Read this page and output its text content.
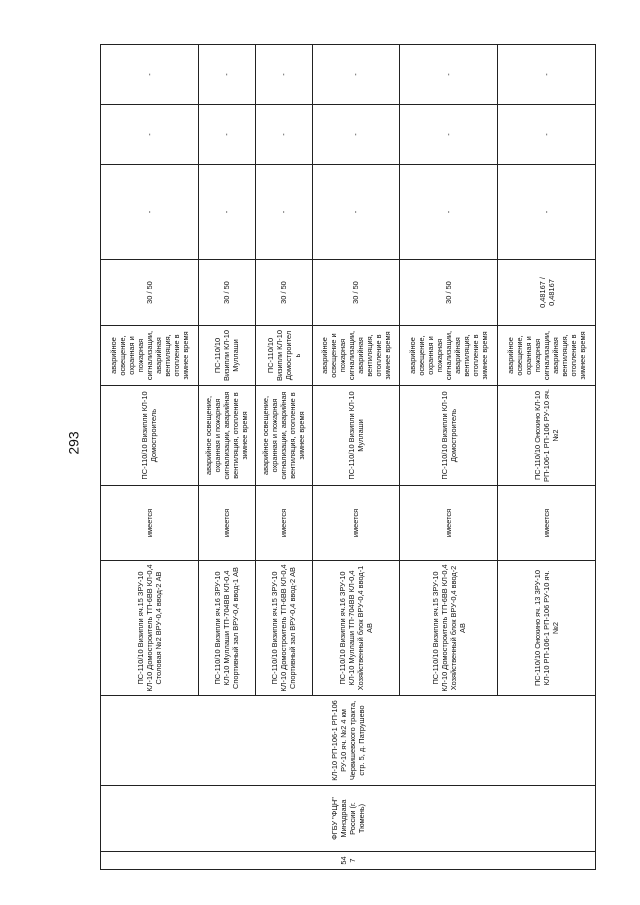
293
547	ФГБУ "ФЦН" Минздрава России (г. Тюмень)	КЛ-10 РП-106-1 РП-106 РУ-10 яч. №2 4 км Червишевского тракта, стр. 5, д. Патрушево	ПС-110/10 Визипли яч.15 ЗРУ-10 КЛ-10 Домостроитель ТП-6ВВ КЛ-0,4 Столовая №2 ВРУ-0,4 ввод-2 АВ	имеется	ПС-110/10 Визипли КЛ-10 Домостроитель	аварийное освещение, охранная и пожарная сигнализации, аварийная вентиляция, отопление в зимнее время	30 / 50	-	-	-
			ПС-110/10 Визипли яч.16 ЗРУ-10 КЛ-10 Муллаши ТП-704ВВ КЛ-0,4 Спортивный зал ВРУ-0,4 ввод-1 АВ	имеется	аварийное освещение, охранная и пожарная сигнализации, аварийная вентиляция, отопление в зимнее время	ПС-110/10 Визипли КЛ-10 Муллаши	30 / 50	-	-	-
			ПС-110/10 Визипли яч.15 ЗРУ-10 КЛ-10 Домостроитель ТП-6ВВ КЛ-0,4 Спортивный зал ВРУ-0,4 ввод-2 АВ	имеется	аварийное освещение, охранная и пожарная сигнализации, аварийная вентиляция, отопление в зимнее время	ПС-110/10 Визипли КЛ-10 Домостроитель	30 / 50	-	-	-
			ПС-110/10 Визипли яч.16 ЗРУ-10 КЛ-10 Муллаши ТП-704ВВ КЛ-0,4 Хозяйственный блок ВРУ-0,4 ввод-1 АВ	имеется	ПС-110/10 Визипли КЛ-10 Муллаши	аварийное освещение и пожарная сигнализации, аварийная вентиляция, отопление в зимнее время	30 / 50	-	-	-
			ПС-110/10 Визипли яч.15 ЗРУ-10 КЛ-10 Домостроитель ТП-6ВВ КЛ-0,4 Хозяйственный блок ВРУ-0,4 ввод-2 АВ	имеется	ПС-110/10 Визипли КЛ-10 Домостроитель	аварийное освещение, охранная и пожарная сигнализации, аварийная вентиляция, отопление в зимнее время	30 / 50	-	-	-
			ПС-110/10 Онохино яч. 13 ЗРУ-10 КЛ-10 РП-106-1 РП-106 РУ-10 яч. №2	имеется	ПС-110/10 Онохино КЛ-10 РП-106-1 РП-106 РУ-10 яч. №2	аварийное освещение, охранная и пожарная сигнализации, аварийная вентиляция, отопление в зимнее время	0,48167 / 0,48167	-	-	-
